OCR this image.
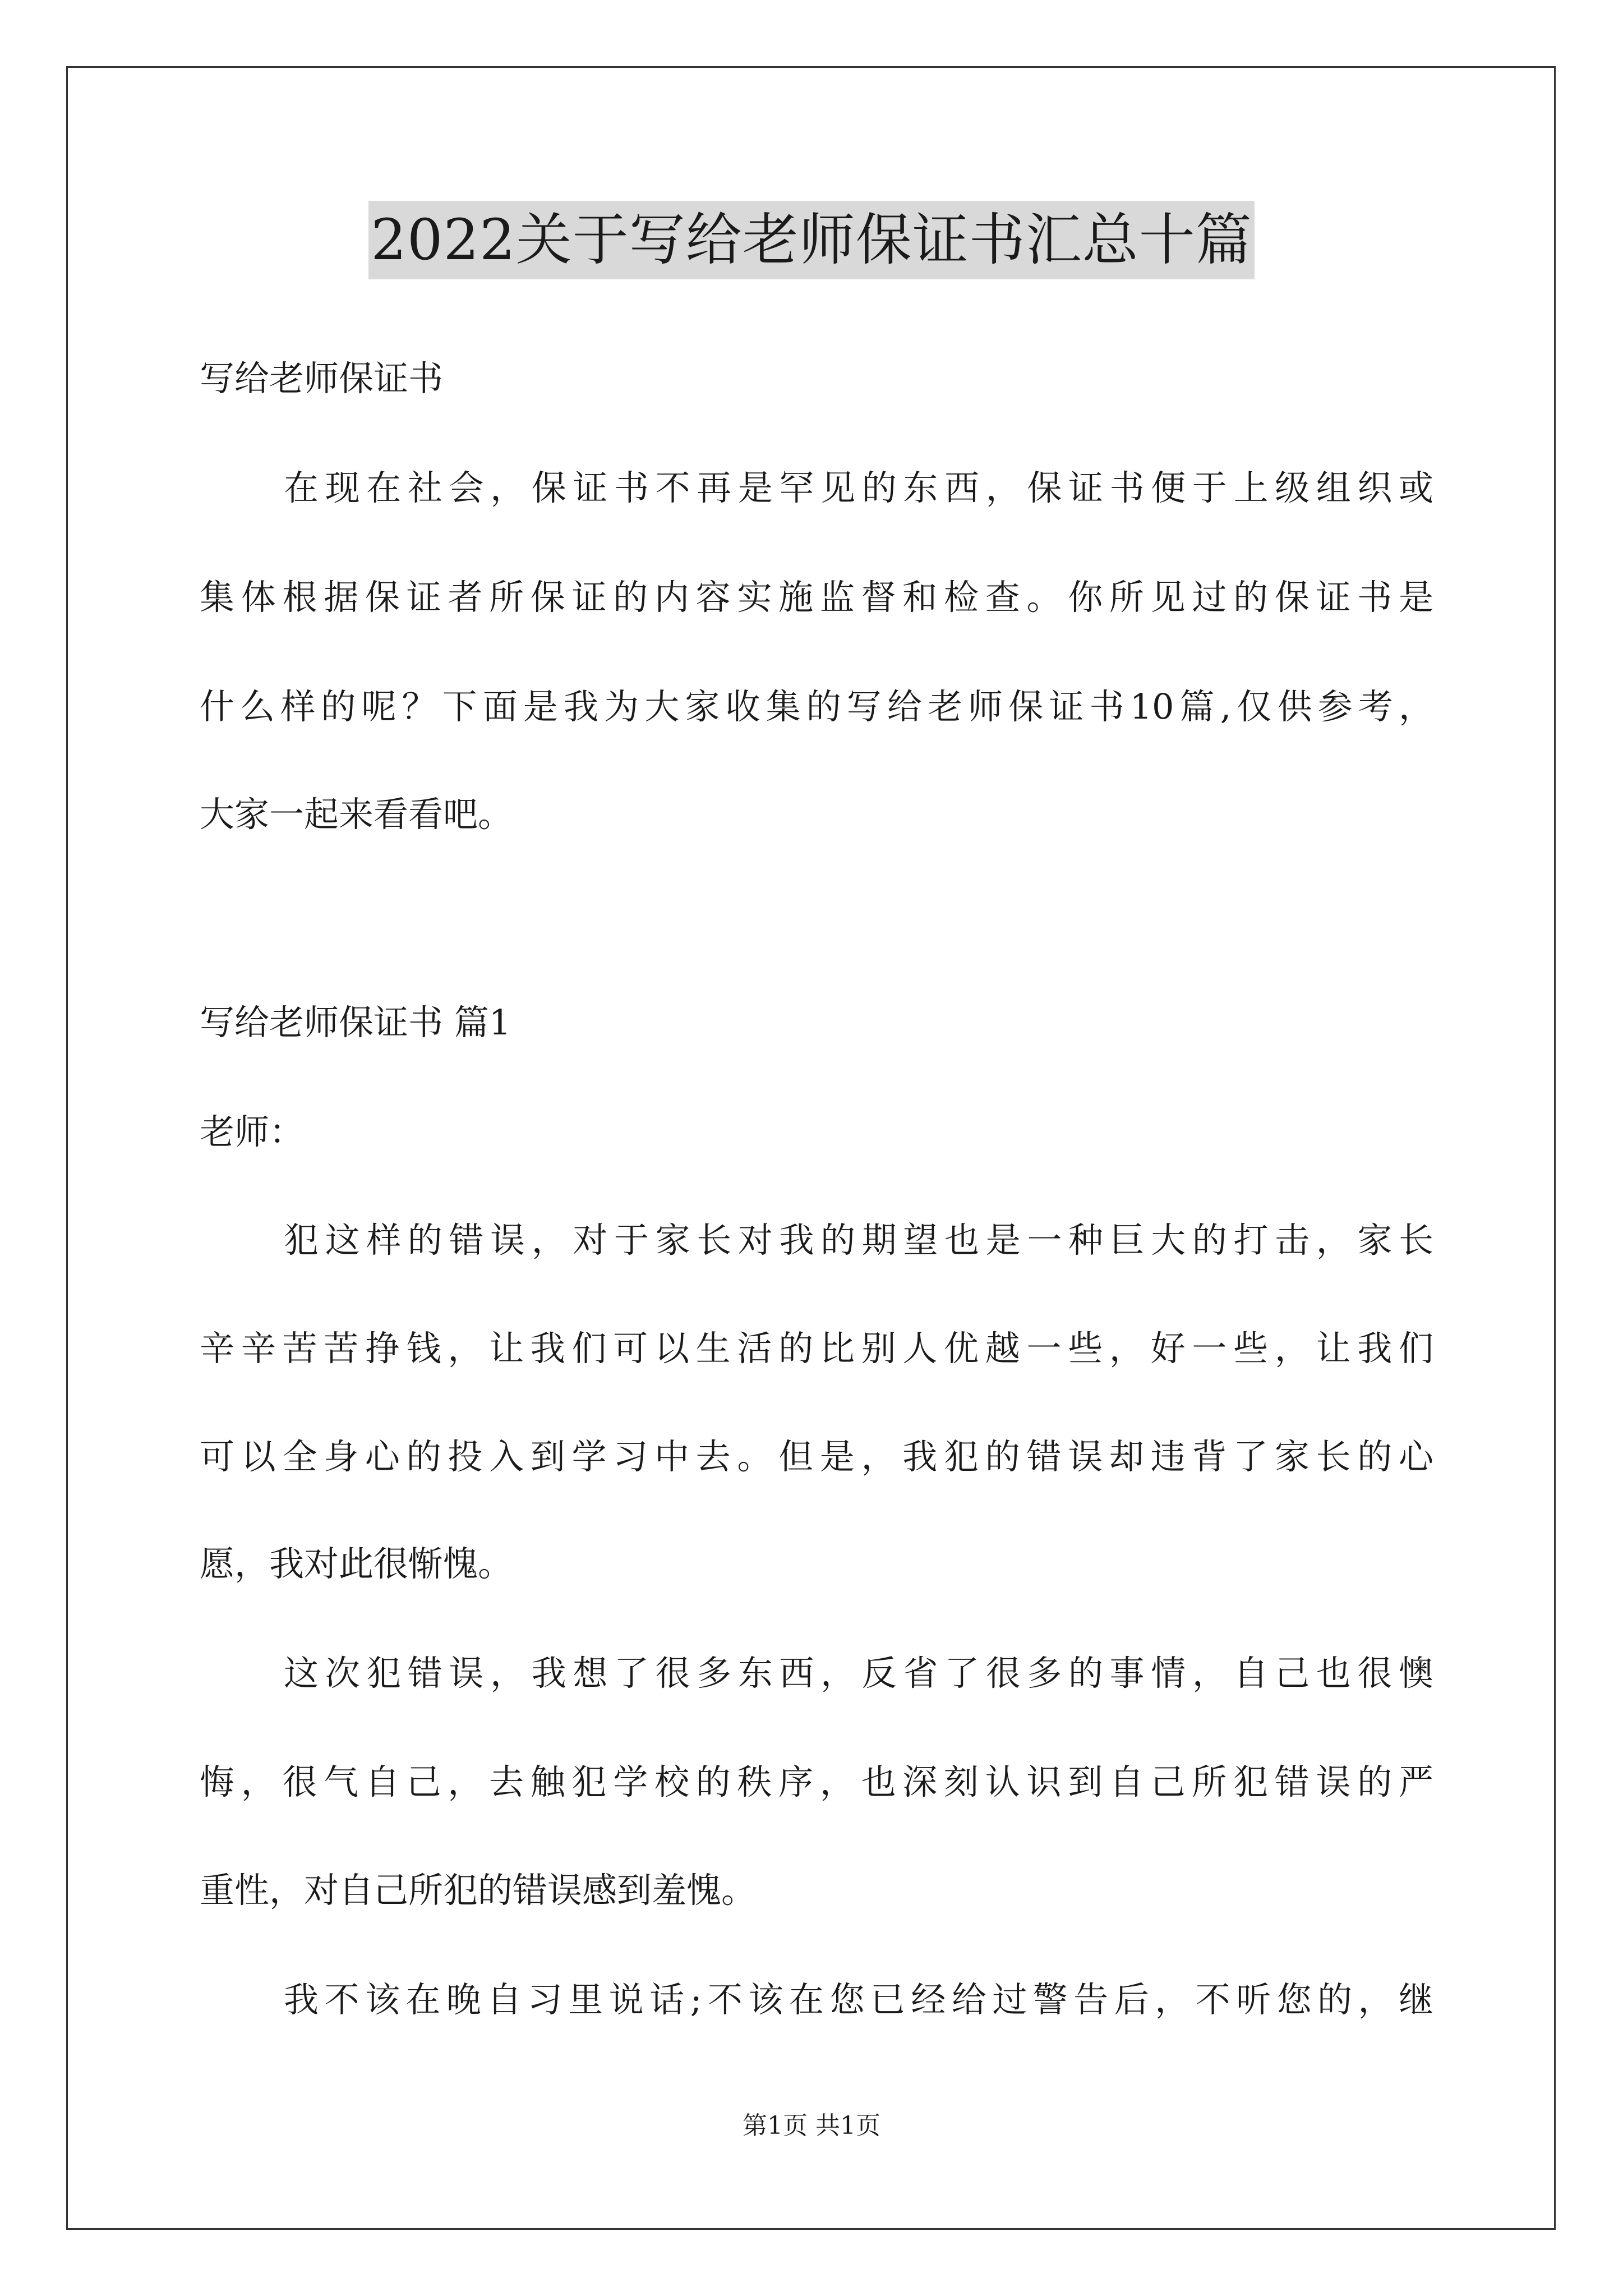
2022关于写给老师保证书汇总十篇
写给老师保证书
在现在社会，保证书不再是罕见的东西，保证书便于上级组织或
集体根据保证者所保证的内容实施监督和检查。你所见过的保证书是
什么样的呢？下面是我为大家收集的写给老师保证书10篇,仅供参考，
大家一起来看看吧。
写给老师保证书 篇1
老师：
犯这样的错误，对于家长对我的期望也是一种巨大的打击，家长
辛辛苦苦挣钱，让我们可以生活的比别人优越一些，好一些，让我们
可以全身心的投入到学习中去。但是，我犯的错误却违背了家长的心
愿，我对此很惭愧。
这次犯错误，我想了很多东西，反省了很多的事情，自己也很懊
悔，很气自己，去触犯学校的秩序，也深刻认识到自己所犯错误的严
重性，对自己所犯的错误感到羞愧。
我不该在晚自习里说话;不该在您已经给过警告后，不听您的，继
第1页 共1页
